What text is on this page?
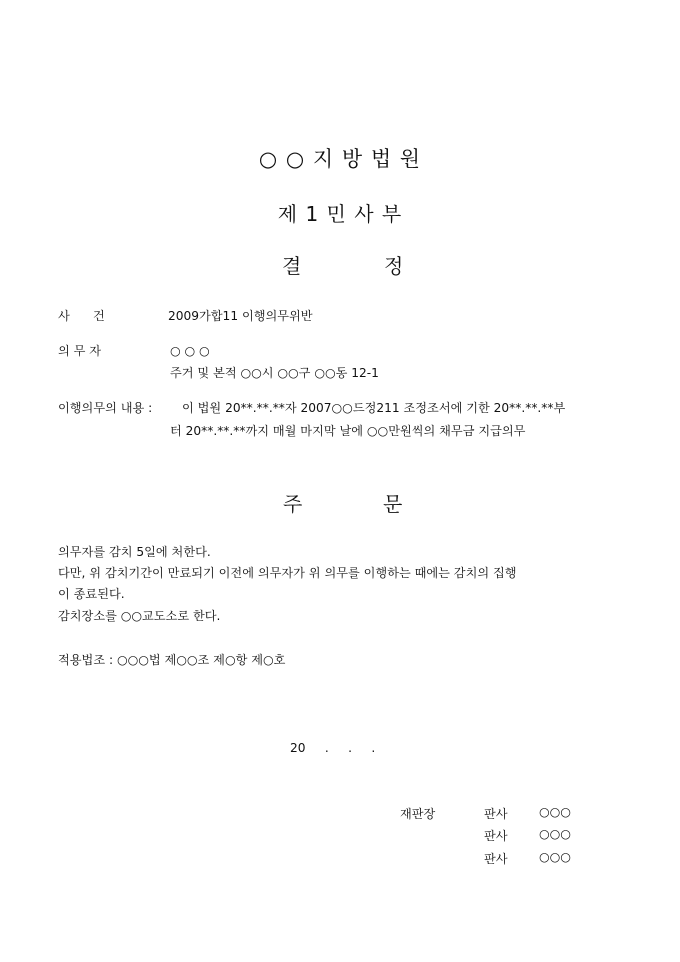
○ ○ 지 방 법 원
제 1 민 사 부
결	정
사      건	2009가합11 이행의무위반
의 무 자	○ ○ ○
주거 및 본적 ○○시 ○○구 ○○동 12-1
이행의무의 내용 : 이 법원 20**.**.**자 2007○○드정211 조정조서에 기한 20**.**.**부
터 20**.**.**까지 매월 마지막 날에 ○○만원씩의 채무금 지급의무
주	문
의무자를 감치 5일에 처한다.
다만, 위 감치기간이 만료되기 이전에 의무자가 위 의무를 이행하는 때에는 감치의 집행
이 종료된다.
감치장소를 ○○교도소로 한다.
적용법조 : ○○○법 제○○조 제○항 제○호
20     .     .     .
재판장	판사	○○○
판사	○○○
판사	○○○
